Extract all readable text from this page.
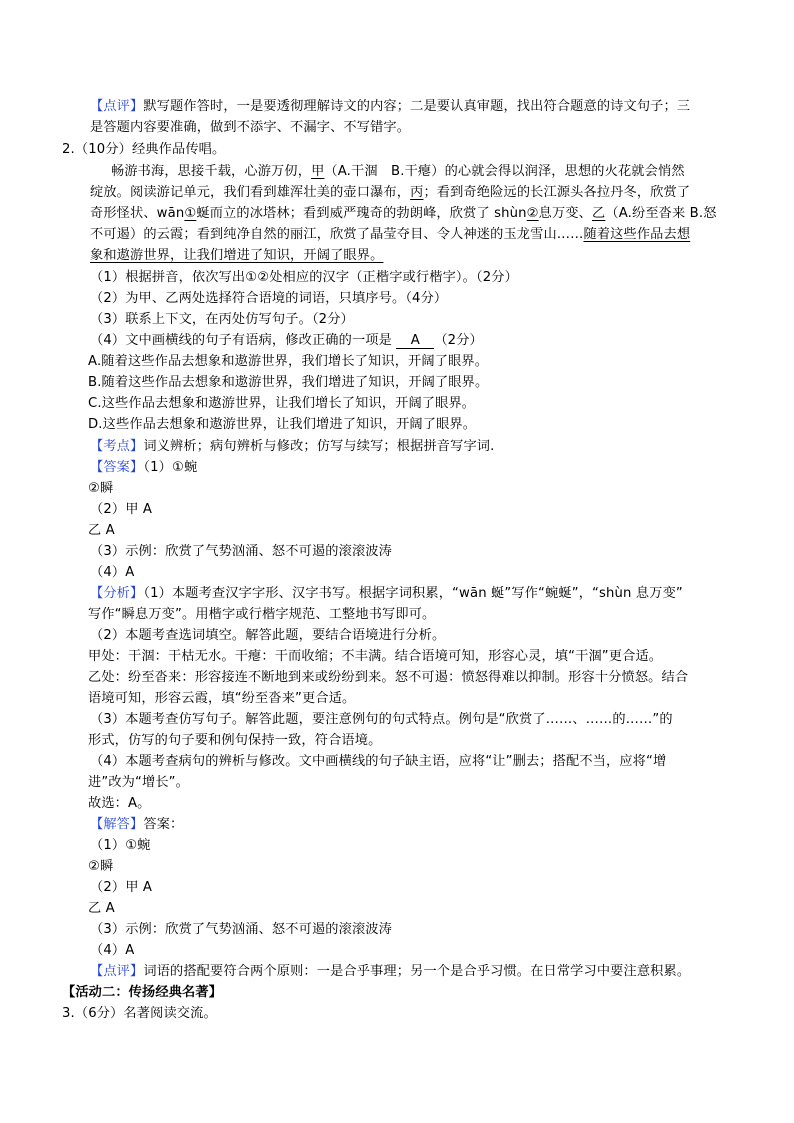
【点评】默写题作答时，一是要透彻理解诗文的内容；二是要认真审题，找出符合题意的诗文句子；三
是答题内容要准确，做到不添字、不漏字、不写错字。
2.（10分）经典作品传唱。
畅游书海，思接千载，心游万仞，甲（A.干涸　B.干瘪）的心就会得以润泽，思想的火花就会悄然
绽放。阅读游记单元，我们看到雄浑壮美的壶口瀑布，丙；看到奇绝险远的长江源头各拉丹冬，欣赏了
奇形怪状、wān①蜒而立的冰塔林；看到威严瑰奇的勃朗峰，欣赏了 shùn②息万变、乙（A.纷至沓来 B.怒
不可遏）的云霞；看到纯净自然的丽江，欣赏了晶莹夺目、令人神迷的玉龙雪山……随着这些作品去想
象和遨游世界，让我们增进了知识，开阔了眼界。
（1）根据拼音，依次写出①②处相应的汉字（正楷字或行楷字）。（2分）
（2）为甲、乙两处选择符合语境的词语，只填序号。（4分）
（3）联系上下文，在丙处仿写句子。（2分）
（4）文中画横线的句子有语病，修改正确的一项是 A （2分）
A.随着这些作品去想象和遨游世界，我们增长了知识，开阔了眼界。
B.随着这些作品去想象和遨游世界，我们增进了知识，开阔了眼界。
C.这些作品去想象和遨游世界，让我们增长了知识，开阔了眼界。
D.这些作品去想象和遨游世界，让我们增进了知识，开阔了眼界。
【考点】词义辨析；病句辨析与修改；仿写与续写；根据拼音写字词.
【答案】（1）①蜿
②瞬
（2）甲 A
乙 A
（3）示例：欣赏了气势汹涌、怒不可遏的滚滚波涛
（4）A
【分析】（1）本题考查汉字字形、汉字书写。根据字词积累，“wān 蜒”写作“蜿蜒”，“shùn 息万变”
写作“瞬息万变”。用楷字或行楷字规范、工整地书写即可。
（2）本题考查选词填空。解答此题，要结合语境进行分析。
甲处：干涸：干枯无水。干瘪：干而收缩；不丰满。结合语境可知，形容心灵，填“干涸”更合适。
乙处：纷至沓来：形容接连不断地到来或纷纷到来。怒不可遏：愤怒得难以抑制。形容十分愤怒。结合
语境可知，形容云霞，填“纷至沓来”更合适。
（3）本题考查仿写句子。解答此题，要注意例句的句式特点。例句是“欣赏了……、……的……”的
形式，仿写的句子要和例句保持一致，符合语境。
（4）本题考查病句的辨析与修改。文中画横线的句子缺主语，应将“让”删去；搭配不当，应将“增
进”改为“增长”。
故选：A。
【解答】答案：
（1）①蜿
②瞬
（2）甲 A
乙 A
（3）示例：欣赏了气势汹涌、怒不可遏的滚滚波涛
（4）A
【点评】词语的搭配要符合两个原则：一是合乎事理；另一个是合乎习惯。在日常学习中要注意积累。
【活动二：传扬经典名著】
3.（6分）名著阅读交流。
